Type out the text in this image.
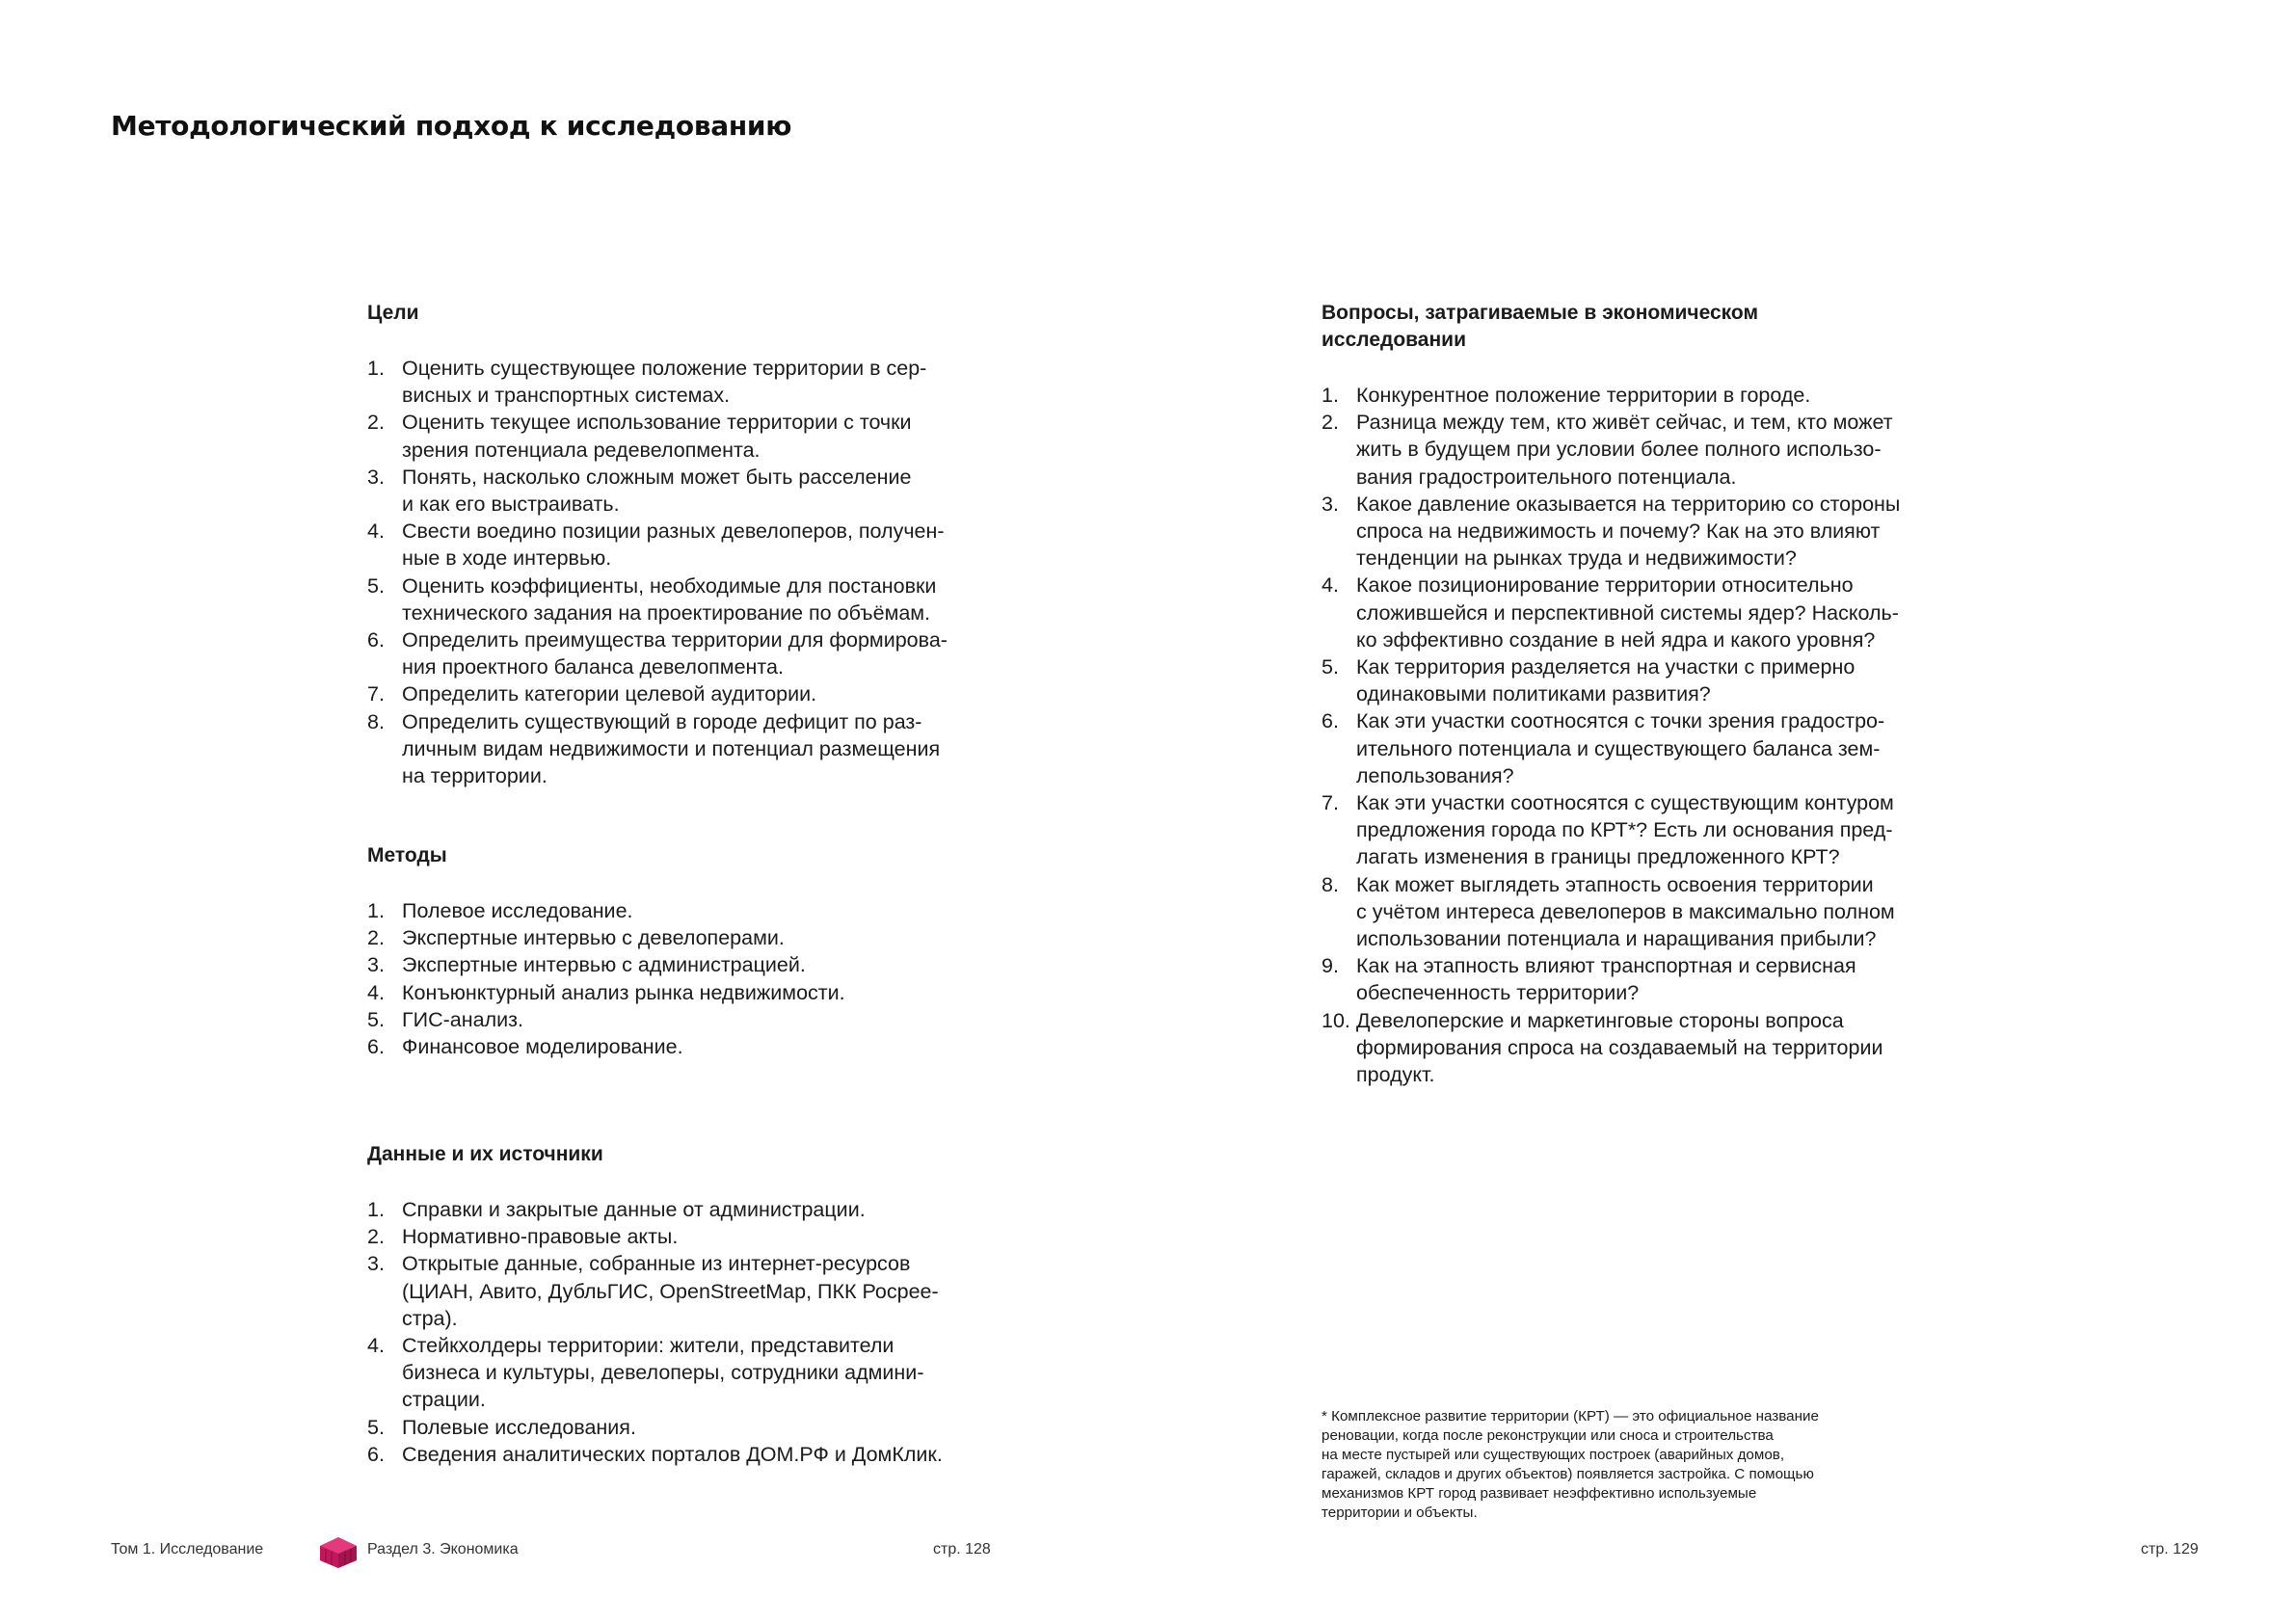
Методологический подход к исследованию
Цели
1. Оценить существующее положение территории в сер-
висных и транспортных системах.
2. Оценить текущее использование территории с точки
зрения потенциала редевелопмента.
3. Понять, насколько сложным может быть расселение
и как его выстраивать.
4. Свести воедино позиции разных девелоперов, получен-
ные в ходе интервью.
5. Оценить коэффициенты, необходимые для постановки
технического задания на проектирование по объёмам.
6. Определить преимущества территории для формирова-
ния проектного баланса девелопмента.
7. Определить категории целевой аудитории.
8. Определить существующий в городе дефицит по раз-
личным видам недвижимости и потенциал размещения
на территории.
Методы
1. Полевое исследование.
2. Экспертные интервью с девелоперами.
3. Экспертные интервью с администрацией.
4. Конъюнктурный анализ рынка недвижимости.
5. ГИС-анализ.
6. Финансовое моделирование.
Данные и их источники
1. Справки и закрытые данные от администрации.
2. Нормативно-правовые акты.
3. Открытые данные, собранные из интернет-ресурсов
(ЦИАН, Авито, ДубльГИС, OpenStreetMap, ПКК Росрее-
стра).
4. Стейкхолдеры территории: жители, представители
бизнеса и культуры, девелоперы, сотрудники админи-
страции.
5. Полевые исследования.
6. Сведения аналитических порталов ДОМ.РФ и ДомКлик.
Вопросы, затрагиваемые в экономическом
исследовании
1. Конкурентное положение территории в городе.
2. Разница между тем, кто живёт сейчас, и тем, кто может
жить в будущем при условии более полного использо-
вания градостроительного потенциала.
3. Какое давление оказывается на территорию со стороны
спроса на недвижимость и почему? Как на это влияют
тенденции на рынках труда и недвижимости?
4. Какое позиционирование территории относительно
сложившейся и перспективной системы ядер? Насколь-
ко эффективно создание в ней ядра и какого уровня?
5. Как территория разделяется на участки с примерно
одинаковыми политиками развития?
6. Как эти участки соотносятся с точки зрения градостро-
ительного потенциала и существующего баланса зем-
лепользования?
7. Как эти участки соотносятся с существующим контуром
предложения города по КРТ*? Есть ли основания пред-
лагать изменения в границы предложенного КРТ?
8. Как может выглядеть этапность освоения территории
с учётом интереса девелоперов в максимально полном
использовании потенциала и наращивания прибыли?
9. Как на этапность влияют транспортная и сервисная
обеспеченность территории?
10. Девелоперские и маркетинговые стороны вопроса
формирования спроса на создаваемый на территории
продукт.
* Комплексное развитие территории (КРТ) — это официальное название
реновации, когда после реконструкции или сноса и строительства
на месте пустырей или существующих построек (аварийных домов,
гаражей, складов и других объектов) появляется застройка. С помощью
механизмов КРТ город развивает неэффективно используемые
территории и объекты.
Том 1. Исследование	Раздел 3. Экономика	стр. 128	стр. 129
